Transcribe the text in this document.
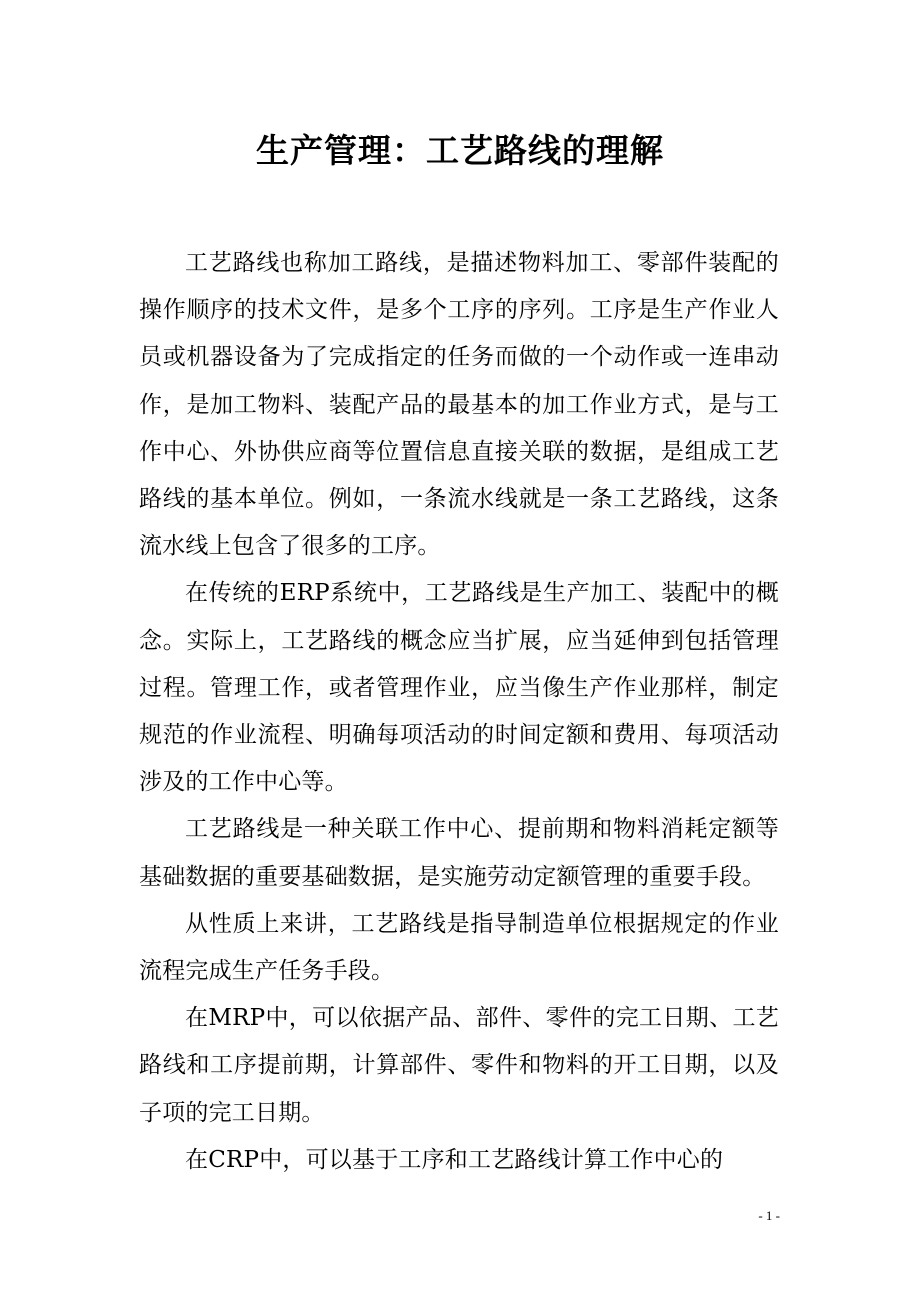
生产管理：工艺路线的理解

工艺路线也称加工路线，是描述物料加工、零部件装配的操作顺序的技术文件，是多个工序的序列。工序是生产作业人员或机器设备为了完成指定的任务而做的一个动作或一连串动作，是加工物料、装配产品的最基本的加工作业方式，是与工作中心、外协供应商等位置信息直接关联的数据，是组成工艺路线的基本单位。例如，一条流水线就是一条工艺路线，这条流水线上包含了很多的工序。

在传统的ERP系统中，工艺路线是生产加工、装配中的概念。实际上，工艺路线的概念应当扩展，应当延伸到包括管理过程。管理工作，或者管理作业，应当像生产作业那样，制定规范的作业流程、明确每项活动的时间定额和费用、每项活动涉及的工作中心等。

工艺路线是一种关联工作中心、提前期和物料消耗定额等基础数据的重要基础数据，是实施劳动定额管理的重要手段。

从性质上来讲，工艺路线是指导制造单位根据规定的作业流程完成生产任务手段。

在MRP中，可以依据产品、部件、零件的完工日期、工艺路线和工序提前期，计算部件、零件和物料的开工日期，以及子项的完工日期。

在CRP中，可以基于工序和工艺路线计算工作中心的

- 1 -
